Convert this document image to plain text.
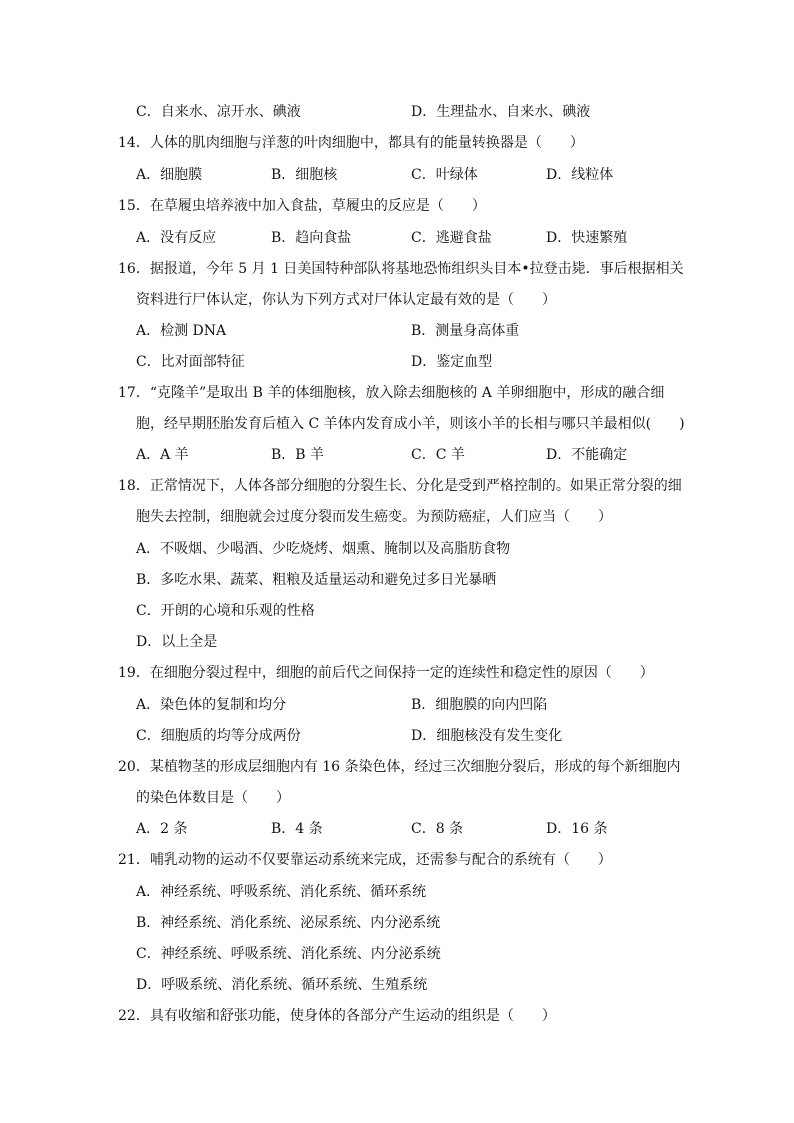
C．自来水、凉开水、碘液	D．生理盐水、自来水、碘液
14．人体的肌肉细胞与洋葱的叶肉细胞中，都具有的能量转换器是（　　）
A．细胞膜	B．细胞核	C．叶绿体	D．线粒体
15．在草履虫培养液中加入食盐，草履虫的反应是（　　）
A．没有反应	B．趋向食盐	C．逃避食盐	D．快速繁殖
16．据报道，今年 5 月 1 日美国特种部队将基地恐怖组织头目本•拉登击毙．事后根据相关
资料进行尸体认定，你认为下列方式对尸体认定最有效的是（　　）
A．检测 DNA	B．测量身高体重
C．比对面部特征	D．鉴定血型
17．“克隆羊”是取出 B 羊的体细胞核，放入除去细胞核的 A 羊卵细胞中，形成的融合细
胞，经早期胚胎发育后植入 C 羊体内发育成小羊，则该小羊的长相与哪只羊最相似(　　)
A．A 羊	B．B 羊	C．C 羊	D．不能确定
18．正常情况下，人体各部分细胞的分裂生长、分化是受到严格控制的。如果正常分裂的细
胞失去控制，细胞就会过度分裂而发生癌变。为预防癌症，人们应当（　　）
A．不吸烟、少喝酒、少吃烧烤、烟熏、腌制以及高脂肪食物
B．多吃水果、蔬菜、粗粮及适量运动和避免过多日光暴晒
C．开朗的心境和乐观的性格
D．以上全是
19．在细胞分裂过程中，细胞的前后代之间保持一定的连续性和稳定性的原因（　　）
A．染色体的复制和均分	B．细胞膜的向内凹陷
C．细胞质的均等分成两份	D．细胞核没有发生变化
20．某植物茎的形成层细胞内有 16 条染色体，经过三次细胞分裂后，形成的每个新细胞内
的染色体数目是（　　）
A．2 条	B．4 条	C．8 条	D．16 条
21．哺乳动物的运动不仅要靠运动系统来完成，还需参与配合的系统有（　　）
A．神经系统、呼吸系统、消化系统、循环系统
B．神经系统、消化系统、泌尿系统、内分泌系统
C．神经系统、呼吸系统、消化系统、内分泌系统
D．呼吸系统、消化系统、循环系统、生殖系统
22．具有收缩和舒张功能，使身体的各部分产生运动的组织是（　　）
